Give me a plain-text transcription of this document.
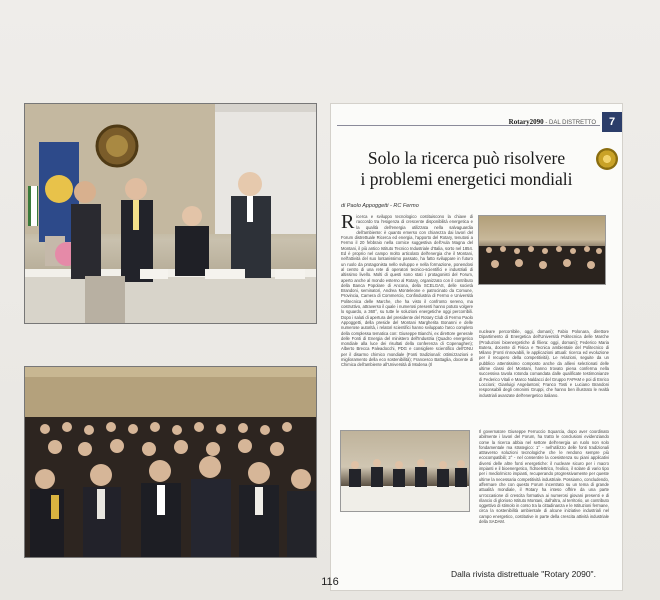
Rotary2090 - DAL DISTRETTO	7
Solo la ricerca può risolvere
i problemi energetici mondiali
di Paolo Appoggetti - RC Fermo
Ricerca e sviluppo tecnologico costituiscono la chiave di raccordo tra l'esigenza di crescente disponibilità energetica e la qualità dell'energia utilizzata nella salvaguardia dell'ambiente: è quanto emerso con chiarezza dai lavori del Forum distrettuale Ricerca ed energia, l'apporto del Rotary, tenutosi a Fermo il 20 febbraio nella cornice suggestiva dell'Aula Magna del Montani, il più antico Istituto Tecnico Industriale d'Italia, sorto nel 1854. Ed è proprio nel campo molto articolato dell'energia che il Montani, nell'attività del suo lontanissimo passato, ha fatto sviluppare in futuro un ruolo da protagonista nello sviluppo e nella formazione, ponendosi al centro di una rete di operatori tecnico-scientifici e industriali di altissimo livello. Molti di questi sono stati i protagonisti del Forum, aperto anche al mondo esterno al Rotary, organizzato con il contributo della Banca Popolare di Ancona, della SCELGAS, delle società Brandoni, seminatori, Andrea Monteleone e patrocinato da Comune, Provincia, Camera di Commercio, Confindustria di Fermo e Università Politecnica delle Marche, che ha visto il confronto sereno, ma costruttivo, attraverso il quale i numerosi presenti hanno potuto volgere lo sguardo, a 360°, su tutte le soluzioni energetiche oggi percorribili. Dopo i saluti di apertura del presidente del Rotary Club di Fermo Paolo Appoggetti, della preside del Montani Margherita Bonanni e delle numerose autorità, i relatori scientifici hanno sviluppato l'arco completo della complessa tematica con: Giuseppe Bianchi, ex direttore generale delle Fonti di Energia del ministero dell'Industria (Quadro energetico mondiale alla luce dei risultati della conferenza di Copenaghen); Alberto Brecca Paleadocchi, PDG e consigliere scientifico dell'ONU per il disarmo chimico mondiale (Fonti tradizionali: ottimizzazioni e miglioramento della eco sostenibilità); Francesco Battaglia, docente di Chimica dell'ambiente all'Università di Modena (Il
nucleare percorribile, oggi, domani); Fabio Polonara, direttore Dipartimento di Energetica dell'Università Politecnica delle Marche (Produzioni bioenergetiche di filiera: oggi, domani); Federico Maria Butera, docente di Fisica e Tecnica ambientale del Politecnico di Milano (Fonti rinnovabili, le applicazioni attuali: ricerca ed evoluzione per il recupero della competitività). Le relazioni, seguite da un pubblico attentissimo composto anche da allievi selezionati delle ultime classi del Montani, hanno trovato piena conferma nella successiva tavola rotonda comandata dalle qualificate testimonianze di Federico Vitali e Marco Naldacci del Gruppo FAPAM e poi di Enrico Loccioni; Gianluigi Angelantoni; Franco Tosti e Luciano Brandoni responsabili degli omonimi Gruppi, che hanno ben illustrato le realtà industriali avanzate dell'energetico italiano.
Il governatore Giuseppe Ferruccio Squarcia, dopo aver coordinato abilmente i lavori del Forum, ha tratto le conclusioni evidenziando come la ricerca abbia nel settore dell'energia un ruolo non solo fondamentale ma strategico: 1° - nell'utilizzo delle fonti tradizionali attraverso soluzioni tecnologiche che le rendono sempre più ecocompatibili; 2° - nel consentire la coesistenza su piani applicativi diversi delle altre fonti energetiche: il nucleare sicuro per i macro impianti e il bioenergetico, l'idroelettrico, l'eolico, il solare di vario tipo per i medio/micro impianti, recuperando progressivamente per queste ultime la necessaria competitività industriale. Possiamo, concludendo, affermare che con questo Forum incentrato su un tema di grande attualità mondiale, il Rotary ha inteso offrire da una parte un'occasione di crescita formativa ai numerosi giovani presenti e di rilancio di glorioso Istituto Montani, dall'altra, al territorio, un contributo oggettivo di stimolo in corso tra la cittadinanza e le Istituzioni fermane, circa la sostenibilità ambientale di alcune iniziative industriali nel campo energetico, costitutive in parte della crescita attività industriale della SADAM.
Dalla rivista distrettuale "Rotary 2090".
116
